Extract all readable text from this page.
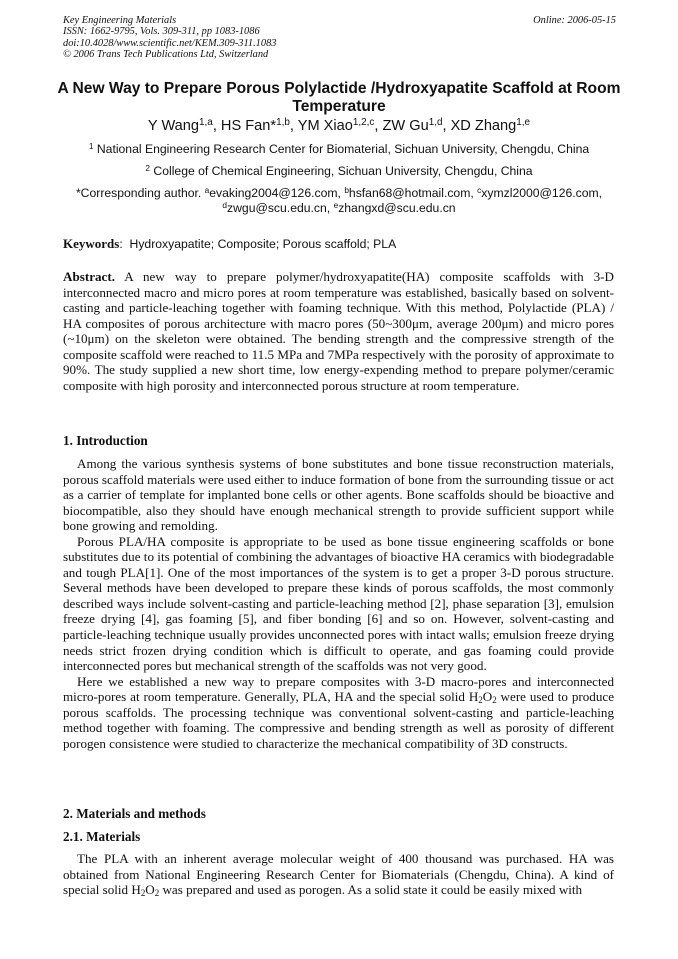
Key Engineering Materials
ISSN: 1662-9795, Vols. 309-311, pp 1083-1086
doi:10.4028/www.scientific.net/KEM.309-311.1083
© 2006 Trans Tech Publications Ltd, Switzerland
Online: 2006-05-15
A New Way to Prepare Porous Polylactide /Hydroxyapatite Scaffold at Room Temperature
Y Wang$^{1,a}$, HS Fan*$^{1,b}$, YM Xiao$^{1,2,c}$, ZW Gu$^{1,d}$, XD Zhang$^{1,e}$
$^1$ National Engineering Research Center for Biomaterial, Sichuan University, Chengdu, China
$^2$ College of Chemical Engineering, Sichuan University, Chengdu, China
*Corresponding author. $^a$evaking2004@126.com, $^b$hsfan68@hotmail.com, $^c$xymzl2000@126.com,
$^d$zwgu@scu.edu.cn, $^e$zhangxd@scu.edu.cn
Keywords:  Hydroxyapatite; Composite; Porous scaffold; PLA

Abstract. A new way to prepare polymer/hydroxyapatite(HA) composite scaffolds with 3-D interconnected macro and micro pores at room temperature was established, basically based on solvent-casting and particle-leaching together with foaming technique. With this method, Polylactide (PLA) / HA composites of porous architecture with macro pores (50~300μm, average 200μm) and micro pores (~10μm) on the skeleton were obtained. The bending strength and the compressive strength of the composite scaffold were reached to 11.5 MPa and 7MPa respectively with the porosity of approximate to 90%. The study supplied a new short time, low energy-expending method to prepare polymer/ceramic composite with high porosity and interconnected porous structure at room temperature.

1. Introduction

Among the various synthesis systems of bone substitutes and bone tissue reconstruction materials, porous scaffold materials were used either to induce formation of bone from the surrounding tissue or act as a carrier of template for implanted bone cells or other agents. Bone scaffolds should be bioactive and biocompatible, also they should have enough mechanical strength to provide sufficient support while bone growing and remolding.

Porous PLA/HA composite is appropriate to be used as bone tissue engineering scaffolds or bone substitutes due to its potential of combining the advantages of bioactive HA ceramics with biodegradable and tough PLA[1]. One of the most importances of the system is to get a proper 3-D porous structure. Several methods have been developed to prepare these kinds of porous scaffolds, the most commonly described ways include solvent-casting and particle-leaching method [2], phase separation [3], emulsion freeze drying [4], gas foaming [5], and fiber bonding [6] and so on. However, solvent-casting and particle-leaching technique usually provides unconnected pores with intact walls; emulsion freeze drying needs strict frozen drying condition which is difficult to operate, and gas foaming could provide interconnected pores but mechanical strength of the scaffolds was not very good.

Here we established a new way to prepare composites with 3-D macro-pores and interconnected micro-pores at room temperature. Generally, PLA, HA and the special solid $H_2O_2$ were used to produce porous scaffolds. The processing technique was conventional solvent-casting and particle-leaching method together with foaming. The compressive and bending strength as well as porosity of different porogen consistence were studied to characterize the mechanical compatibility of 3D constructs.

2. Materials and methods
2.1. Materials

The PLA with an inherent average molecular weight of 400 thousand was purchased. HA was obtained from National Engineering Research Center for Biomaterials (Chengdu, China). A kind of special solid $H_2O_2$ was prepared and used as porogen. As a solid state it could be easily mixed with
